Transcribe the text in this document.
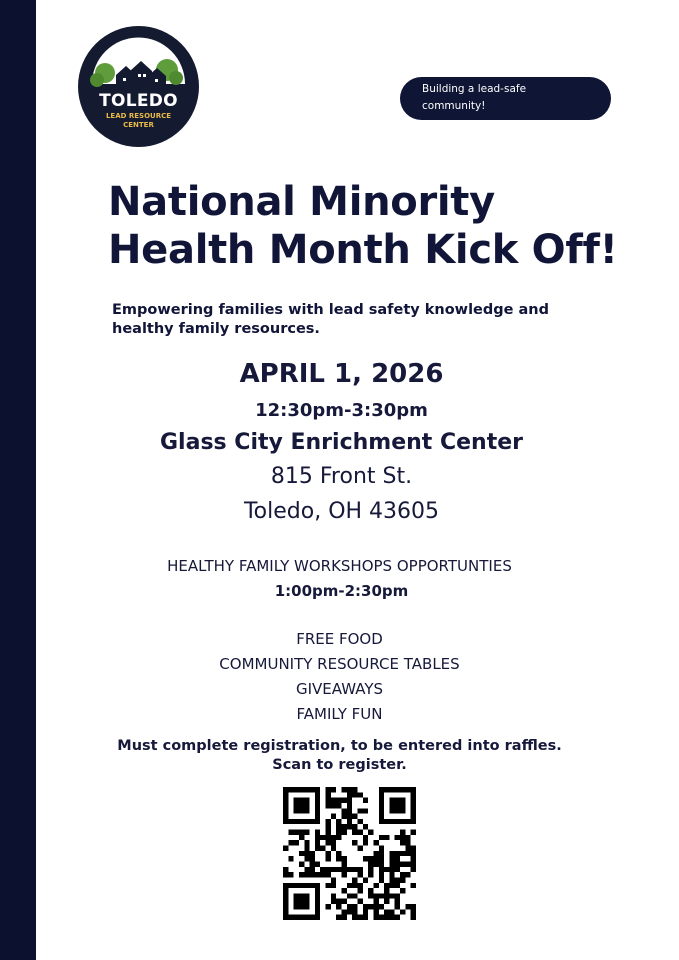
TOLEDO
LEAD RESOURCE
CENTER
Building a lead-safe
community!
National Minority
Health Month Kick Off!
Empowering families with lead safety knowledge and
healthy family resources.
APRIL 1, 2026
12:30pm-3:30pm
Glass City Enrichment Center
815 Front St.
Toledo, OH 43605
HEALTHY FAMILY WORKSHOPS OPPORTUNTIES
1:00pm-2:30pm
FREE FOOD
COMMUNITY RESOURCE TABLES
GIVEAWAYS
FAMILY FUN
Must complete registration, to be entered into raffles.
Scan to register.
